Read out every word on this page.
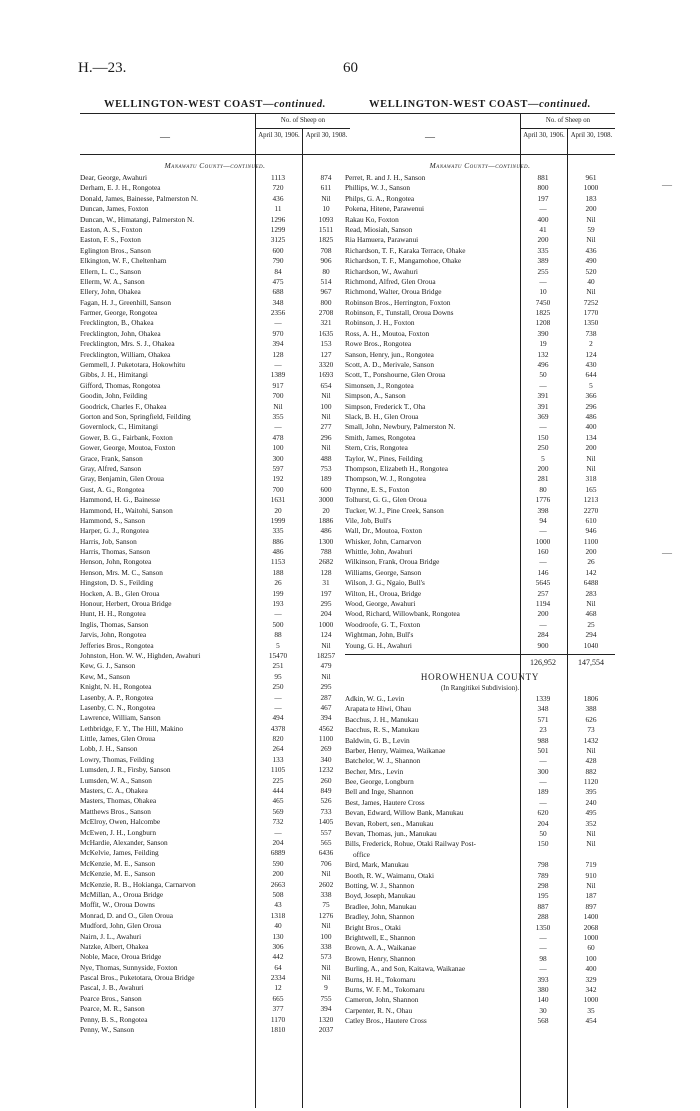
H.—23.	60
WELLINGTON-WEST COAST—continued.
—
No. of Sheep on
April 30, 1906. April 30, 1908.
Manawatu County—continued.
Dear, George, Awahuri	1113	874
Derham, E. J. H., Rongotea	720	611
Donald, James, Bainesse, Palmerston N.	436	Nil
Duncan, James, Foxton	11	10
Duncan, W., Himatangi, Palmerston N.	1296	1093
Easton, A. S., Foxton	1299	1511
Easton, F. S., Foxton	3125	1825
Eglington Bros., Sanson	600	708
Elkington, W. F., Cheltenham	790	906
Ellern, L. C., Sanson	84	80
Ellerm, W. A., Sanson	475	514
Ellery, John, Ohakea	688	967
Fagan, H. J., Greenhill, Sanson	348	800
Farmer, George, Rongotea	2356	2708
Frecklington, B., Ohakea	—	321
Frecklington, John, Ohakea	970	1635
Frecklington, Mrs. S. J., Ohakea	394	153
Frecklington, William, Ohakea	128	127
Gemmell, J. Puketotara, Hokowhitu	—	3320
Gibbs, J. H., Himitangi	1389	1693
Gifford, Thomas, Rongotea	917	654
Goodin, John, Feilding	700	Nil
Goodrick, Charles F., Ohakea	Nil	100
Gorton and Son, Springfield, Feilding	355	Nil
Governlock, C., Himitangi	—	277
Gower, B. G., Fairbank, Foxton	478	296
Gower, George, Moutoa, Foxton	100	Nil
Grace, Frank, Sanson	300	488
Gray, Alfred, Sanson	597	753
Gray, Benjamin, Glen Oroua	192	189
Gust, A. G., Rongotea	700	600
Hammond, H. G., Bainesse	1631	3000
Hammond, H., Waitohi, Sanson	20	20
Hammond, S., Sanson	1999	1886
Harper, G. J., Rongotea	335	486
Harris, Job, Sanson	886	1300
Harris, Thomas, Sanson	486	788
Henson, John, Rongotea	1153	2682
Henson, Mrs. M. C., Sanson	188	128
Hingston, D. S., Feilding	26	31
Hocken, A. B., Glen Oroua	199	197
Honour, Herbert, Oroua Bridge	193	295
Hunt, H. H., Rongotea	—	204
Inglis, Thomas, Sanson	500	1000
Jarvis, John, Rongotea	88	124
Jefferies Bros., Rongotea	5	Nil
Johnston, Hon. W. W., Highden, Awahuri	15470	18257
Kew, G. J., Sanson	251	479
Kew, M., Sanson	95	Nil
Knight, N. H., Rongotea	250	295
Lasenby, A. P., Rongotea	—	287
Lasenby, C. N., Rongotea	—	467
Lawrence, William, Sanson	494	394
Lethbridge, F. Y., The Hill, Makino	4378	4562
Little, James, Glen Oroua	820	1100
Lobb, J. H., Sanson	264	269
Lowry, Thomas, Feilding	133	340
Lumsden, J. R., Firsby, Sanson	1105	1232
Lumsden, W. A., Sanson	225	260
Masters, C. A., Ohakea	444	849
Masters, Thomas, Ohakea	465	526
Matthews Bros., Sanson	569	733
McElroy, Owen, Halcombe	732	1405
McEwen, J. H., Longburn	—	557
McHardie, Alexander, Sanson	204	565
McKelvie, James, Feilding	6889	6436
McKenzie, M. E., Sanson	590	706
McKenzie, M. E., Sanson	200	Nil
McKenzie, R. B., Hokianga, Carnarvon	2663	2602
McMillan, A., Oroua Bridge	508	338
Moffit, W., Oroua Downs	43	75
Monrad, D. and O., Glen Oroua	1318	1276
Mudford, John, Glen Oroua	40	Nil
Nairn, J. L., Awahuri	130	100
Natzke, Albert, Ohakea	306	338
Noble, Mace, Oroua Bridge	442	573
Nye, Thomas, Sunnyside, Foxton	64	Nil
Pascal Bros., Puketotara, Oroua Bridge	2334	Nil
Pascal, J. B., Awahuri	12	9
Pearce Bros., Sanson	665	755
Pearce, M. R., Sanson	377	394
Penny, B. S., Rongotea	1170	1320
Penny, W., Sanson	1810	2037
WELLINGTON-WEST COAST—continued.
—
No. of Sheep on
April 30, 1906. April 30, 1908.
Manawatu County—continued.
Perret, R. and J. H., Sanson	881	961
Phillips, W. J., Sanson	800	1000
Philps, G. A., Rongotea	197	183
Pokena, Hitene, Parawenui	—	200
Rakau Ko, Foxton	400	Nil
Read, Miosiah, Sanson	41	59
Ria Hamuera, Parawanui	200	Nil
Richardson, T. F., Karaka Terrace, Ohake	335	436
Richardson, T. F., Mangamohoe, Ohake	389	490
Richardson, W., Awahuri	255	520
Richmond, Alfred, Glen Oroua	—	40
Richmond, Walter, Oroua Bridge	10	Nil
Robinson Bros., Herrington, Foxton	7450	7252
Robinson, F., Tunstall, Oroua Downs	1825	1770
Robinson, J. H., Foxton	1208	1350
Ross, A. H., Moutoa, Foxton	390	738
Rowe Bros., Rongotea	19	2
Sanson, Henry, jun., Rongotea	132	124
Scott, A. D., Merivale, Sanson	496	430
Scott, T., Ponshourne, Glen Oroua	50	644
Simonsen, J., Rongotea	—	5
Simpson, A., Sanson	391	366
Simpson, Frederick T., Oha	391	296
Slack, B. H., Glen Oroua	369	486
Small, John, Newbury, Palmerston N.	—	400
Smith, James, Rongotea	150	134
Stern, Cris, Rongotea	250	200
Taylor, W., Pines, Feilding	5	Nil
Thompson, Elizabeth H., Rongotea	200	Nil
Thompson, W. J., Rongotea	281	318
Thynne, E. S., Foxton	80	165
Tolhurst, G. G., Glen Oroua	1776	1213
Tucker, W. J., Pine Creek, Sanson	398	2270
Vile, Job, Bull's	94	610
Wall, Dr., Moutoa, Foxton	—	946
Whisker, John, Carnarvon	1000	1100
Whittle, John, Awahuri	160	200
Wilkinson, Frank, Oroua Bridge	—	26
Williams, George, Sanson	146	142
Wilson, J. G., Ngaio, Bull's	5645	6488
Wilton, H., Oroua, Bridge	257	283
Wood, George, Awahuri	1194	Nil
Wood, Richard, Willowbank, Rongotea	200	468
Woodroofe, G. T., Foxton	—	25
Wightman, John, Bull's	284	294
Young, G. H., Awahuri	900	1040
126,952	147,554
HOROWHENUA COUNTY
(In Rangitikei Subdivision).
Adkin, W. G., Levin	1339	1806
Arapata te Hiwi, Ohau	348	388
Bacchus, J. H., Manukau	571	626
Bacchus, R. S., Manukau	23	73
Baldwin, G. B., Levin	988	1432
Barber, Henry, Waimea, Waikanae	501	Nil
Batchelor, W. J., Shannon	—	428
Becher, Mrs., Levin	300	882
Bee, George, Longburn	—	1120
Bell and Inge, Shannon	189	395
Best, James, Hautere Cross	—	240
Bevan, Edward, Willow Bank, Manukau	620	495
Bevan, Robert, sen., Manukau	204	352
Bevan, Thomas, jun., Manukau	50	Nil
Bills, Frederick, Rohue, Otaki Railway Post-	150	Nil
office
Bird, Mark, Manukau	798	719
Booth, R. W., Waimanu, Otaki	789	910
Botting, W. J., Shannon	298	Nil
Boyd, Joseph, Manukau	195	187
Bradlee, John, Manukau	887	897
Bradley, John, Shannon	288	1400
Bright Bros., Otaki	1350	2068
Brightwell, E., Shannon	—	1000
Brown, A. A., Waikanae	—	60
Brown, Henry, Shannon	98	100
Burling, A., and Son, Kaitawa, Waikanae	—	400
Burns, H. H., Tokomaru	393	329
Burns, W. F. M., Tokomaru	380	342
Cameron, John, Shannon	140	1000
Carpenter, R. N., Ohau	30	35
Catley Bros., Hautere Cross	568	454
—
—
